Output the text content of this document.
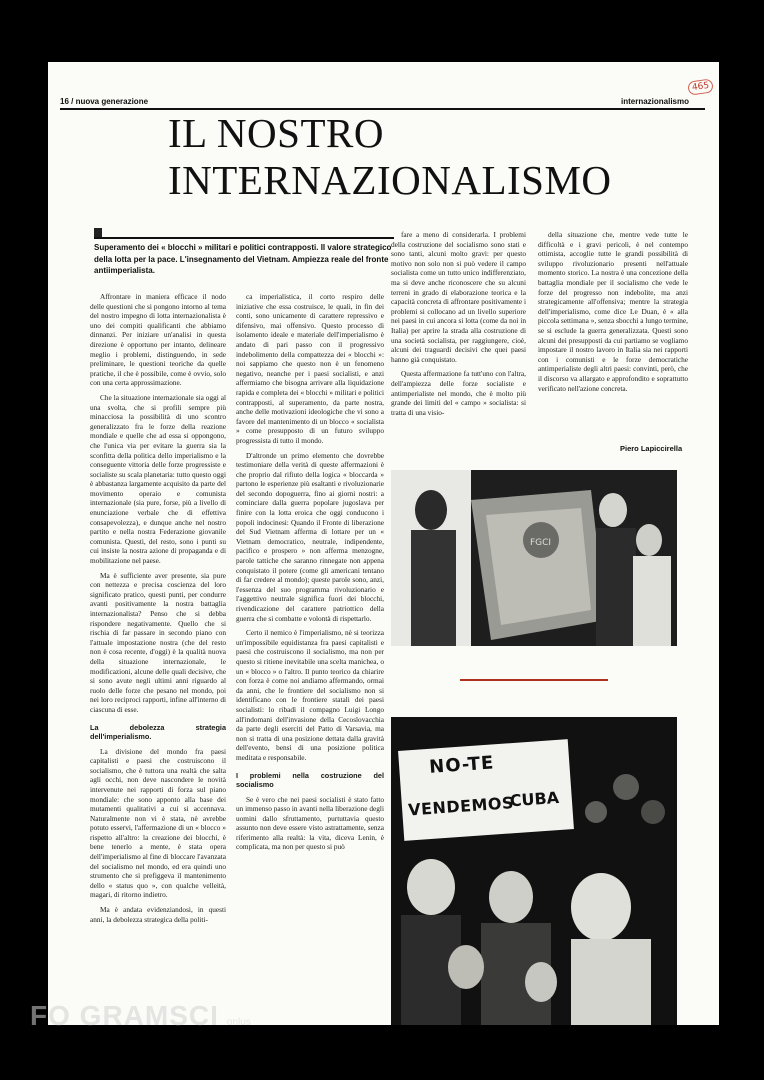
16 / nuova generazione	internazionalismo
465
IL NOSTRO
INTERNAZIONALISMO
Superamento dei « blocchi » militari e politici contrapposti. Il valore strategico della lotta per la pace. L'insegnamento del Vietnam. Ampiezza reale del fronte antiimperialista.

Affrontare in maniera efficace il nodo delle questioni che si pongono intorno al tema del nostro impegno di lotta internazionalista è uno dei compiti qualificanti che abbiamo dinnanzi. Per iniziare un'analisi in questa direzione è opportuno per intanto, delineare meglio i problemi, distinguendo, in sede preliminare, le questioni teoriche da quelle pratiche, il che è possibile, come è ovvio, solo con una certa approssimazione.

Che la situazione internazionale sia oggi al una svolta, che si profili sempre più minacciosa la possibilità di uno scontro generalizzato fra le forze della reazione mondiale e quelle che ad essa si oppongono, che l'unica via per evitare la guerra sia la sconfitta della politica dello imperialismo e la conseguente vittoria delle forze progressiste e socialiste su scala planetaria: tutto questo oggi è abbastanza largamente acquisito da parte del movimento operaio e comunista internazionale (sia pure, forse, più a livello di enunciazione verbale che di effettiva consapevolezza), e dunque anche nel nostro partito e nella nostra Federazione giovanile comunista. Questi, del resto, sono i punti su cui insiste la nostra azione di propaganda e di mobilitazione nel paese.

Ma è sufficiente aver presente, sia pure con nettezza e precisa coscienza del loro significato pratico, questi punti, per condurre avanti positivamente la nostra battaglia internazionalista? Penso che si debba rispondere negativamente. Quello che si rischia di far passare in secondo piano con l'attuale impostazione nostra (che del resto non è cosa recente, d'oggi) è la qualità nuova della situazione internazionale, le modificazioni, alcune delle quali decisive, che si sono avute negli ultimi anni riguardo al ruolo delle forze che pesano nel mondo, poi nei loro reciproci rapporti, infine all'interno di ciascuna di esse.

La debolezza strategia dell'imperialismo.

La divisione del mondo fra paesi capitalisti e paesi che costruiscono il socialismo, che è tuttora una realtà che salta agli occhi, non deve nascondere le novità intervenute nei rapporti di forza sul piano mondiale: che sono apponto alla base dei mutamenti qualitativi a cui si accennava. Naturalmente non vi è stata, nè avrebbe potuto esservi, l'affermazione di un « blocco » rispetto all'altro: la creazione dei blocchi, è bene tenerlo a mente, è stata opera dell'imperialismo al fine di bloccare l'avanzata del socialismo nel mondo, ed era quindi uno strumento che si prefiggeva il mantenimento dello « status quo », con qualche velleità, magari, di ritorno indietro.

Ma è andata evidenziandosi, in questi anni, la debolezza strategica della politi-

ca imperialistica, il corto respiro delle iniziative che essa costruisce, le quali, in fin dei conti, sono unicamente di carattere repressivo e difensivo, mai offensivo. Questo processo di isolamento ideale e materiale dell'imperialismo è andato di pari passo con il progressivo indebolimento della compattezza dei « blocchi »: noi sappiamo che questo non è un fenomeno negativo, neanche per i paesi socialisti, e anzi affermiamo che bisogna arrivare alla liquidazione rapida e completa dei « blocchi » militari e politici contrapposti, al superamento, da parte nostra, anche delle motivazioni ideologiche che vi sono a favore del mantenimento di un blocco « socialista » come presupposto di un futuro sviluppo progressista di tutto il mondo.

D'altronde un primo elemento che dovrebbe testimoniare della verità di queste affermazioni è che proprio dal rifiuto della logica « bloccarda » partono le esperienze più esaltanti e rivoluzionarie del secondo dopoguerra, fino ai giorni nostri: a cominciare dalla guerra popolare jugoslava per finire con la lotta eroica che oggi conducono i popoli indocinesi: Quando il Fronte di liberazione del Sud Vietnam afferma di lottare per un « Vietnam democratico, neutrale, indipendente, pacifico e prospero » non afferma menzogne, parole tattiche che saranno rinnegate non appena conquistato il potere (come gli americani tentano di far credere al mondo); queste parole sono, anzi, l'essenza del suo programma rivoluzionario e l'aggettivo neutrale significa fuori dei blocchi, rivendicazione del carattere patriottico della guerra che si combatte e volontà di rispettarlo.

Certo il nemico è l'imperialismo, nè si teorizza un'impossibile equidistanza fra paesi capitalisti e paesi che costruiscono il socialismo, ma non per questo si ritiene inevitabile una scelta manichea, o un « blocco » o l'altro. Il punto teorico da chiarire con forza è come noi andiamo affermando, ormai da anni, che le frontiere del socialismo non si identificano con le frontiere statali dei paesi socialisti: lo ribadì il compagno Luigi Longo all'indomani dell'invasione della Cecoslovacchia da parte degli eserciti del Patto di Varsavia, ma non si tratta di una posizione dettata dalla gravità dell'evento, bensì di una posizione politica meditata e responsabile.

I problemi nella costruzione del socialismo

Se è vero che nei paesi socialisti è stato fatto un immenso passo in avanti nella liberazione degli uomini dallo sfruttamento, purtuttavia questo assunto non deve essere visto astrattamente, senza riferimento alla realtà: la vita, diceva Lenin, è complicata, ma non per questo si può

fare a meno di considerarla. I problemi della costruzione del socialismo sono stati e sono tanti, alcuni molto gravi: per questo motivo non solo non si può vedere il campo socialista come un tutto unico indifferenziato, ma si deve anche riconoscere che su alcuni terreni in grado di elaborazione teorica e la capacità concreta di affrontare positivamente i problemi si collocano ad un livello superiore nei paesi in cui ancora si lotta (come da noi in Italia) per aprire la strada alla costruzione di una società socialista, per raggiungere, cioè, alcuni dei traguardi decisivi che quei paesi hanno già conquistato.

Questa affermazione fa tutt'uno con l'altra, dell'ampiezza delle forze socialiste e antimperialiste nel mondo, che è molto più grande dei limiti del « campo » socialista: si tratta di una visio-

della situazione che, mentre vede tutte le difficoltà e i gravi pericoli, è nel contempo ottimista, accoglie tutte le grandi possibilità di sviluppo rivoluzionario presenti nell'attuale momento storico. La nostra è una concezione della battaglia mondiale per il socialismo che vede le forze del progresso non indebolite, ma anzi strategicamente all'offensiva; mentre la strategia dell'imperialismo, come dice Le Duan, è « alla piccola settimana », senza sbocchi a lungo termine, se si esclude la guerra generalizzata. Questi sono alcuni dei presupposti da cui partiamo se vogliamo impostare il nostro lavoro in Italia sia nei rapporti con i comunisti e le forze democratiche antimperialiste degli altri paesi: convinti, però, che il discorso va allargato e approfondito e soprattutto verificato nell'azione concreta.

Piero Lapiccirella
FGCI
NO-TE
VENDEMOS
CUBA
FO GRAMSCI onlus
